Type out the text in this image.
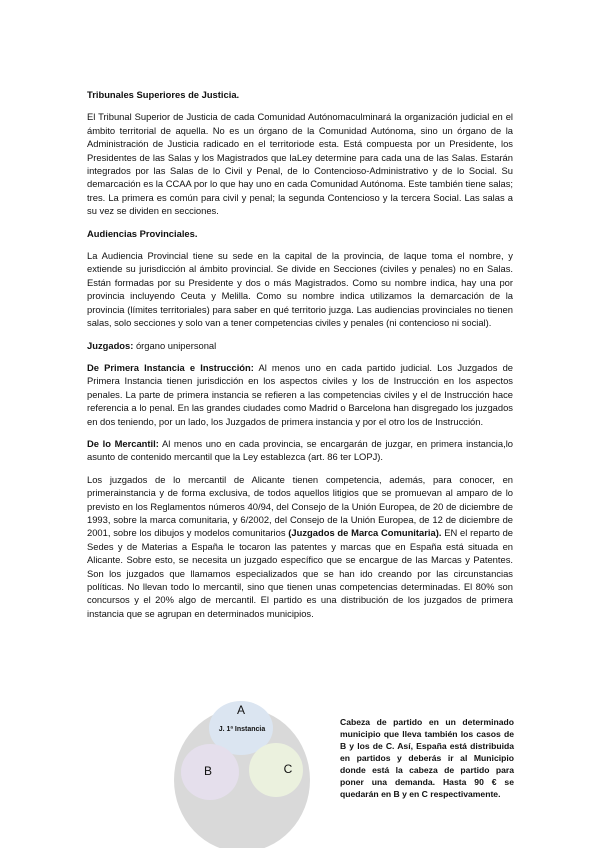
Tribunales Superiores de Justicia.

El Tribunal Superior de Justicia de cada Comunidad Autónomaculminará la organización judicial en el ámbito territorial de aquella. No es un órgano de la Comunidad Autónoma, sino un órgano de la Administración de Justicia radicado en el territoriode esta. Está compuesta por un Presidente, los Presidentes de las Salas y los Magistrados que laLey determine para cada una de las Salas. Estarán integrados por las Salas de lo Civil y Penal, de lo Contencioso-Administrativo y de lo Social. Su demarcación es la CCAA por lo que hay uno en cada Comunidad Autónoma. Este también tiene salas; tres. La primera es común para civil y penal; la segunda Contencioso y la tercera Social. Las salas a su vez se dividen en secciones.

Audiencias Provinciales.

La Audiencia Provincial tiene su sede en la capital de la provincia, de laque toma el nombre, y extiende su jurisdicción al ámbito provincial. Se divide en Secciones (civiles y penales) no en Salas. Están formadas por su Presidente y dos o más Magistrados. Como su nombre indica, hay una por provincia incluyendo Ceuta y Melilla. Como su nombre indica utilizamos la demarcación de la provincia (límites territoriales) para saber en qué territorio juzga. Las audiencias provinciales no tienen salas, solo secciones y solo van a tener competencias civiles y penales (ni contencioso ni social).

Juzgados: órgano unipersonal

De Primera Instancia e Instrucción: Al menos uno en cada partido judicial. Los Juzgados de Primera Instancia tienen jurisdicción en los aspectos civiles y los de Instrucción en los aspectos penales. La parte de primera instancia se refieren a las competencias civiles y el de Instrucción hace referencia a lo penal. En las grandes ciudades como Madrid o Barcelona han disgregado los juzgados en dos teniendo, por un lado, los Juzgados de primera instancia y por el otro los de Instrucción.

De lo Mercantil: Al menos uno en cada provincia, se encargarán de juzgar, en primera instancia,lo asunto de contenido mercantil que la Ley establezca (art. 86 ter LOPJ).

Los juzgados de lo mercantil de Alicante tienen competencia, además, para conocer, en primerainstancia y de forma exclusiva, de todos aquellos litigios que se promuevan al amparo de lo previsto en los Reglamentos números 40/94, del Consejo de la Unión Europea, de 20 de diciembre de 1993, sobre la marca comunitaria, y 6/2002, del Consejo de la Unión Europea, de 12 de diciembre de 2001, sobre los dibujos y modelos comunitarios (Juzgados de Marca Comunitaria). EN el reparto de Sedes y de Materias a España le tocaron las patentes y marcas que en España está situada en Alicante. Sobre esto, se necesita un juzgado específico que se encargue de las Marcas y Patentes. Son los juzgados que llamamos especializados que se han ido creando por las circunstancias políticas. No llevan todo lo mercantil, sino que tienen unas competencias determinadas. El 80% son concursos y el 20% algo de mercantil. El partido es una distribución de los juzgados de primera instancia que se agrupan en determinados municipios.

A
J. 1ª Instancia
B	C
Cabeza de partido en un determinado municipio que lleva también los casos de B y los de C. Así, España está distribuida en partidos y deberás ir al Municipio donde está la cabeza de partido para poner una demanda. Hasta 90 € se quedarán en B y en C respectivamente.
